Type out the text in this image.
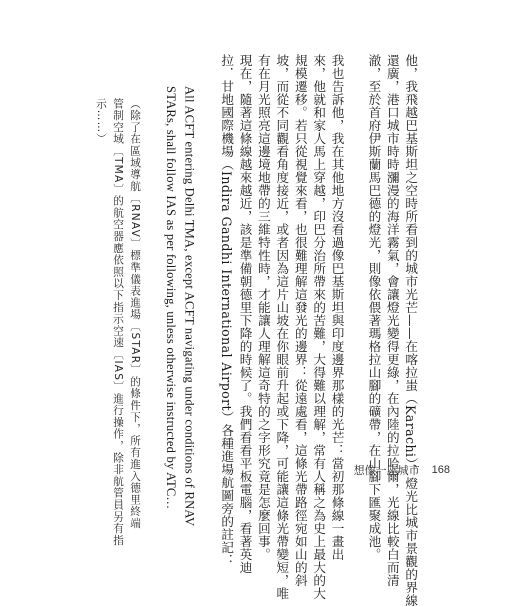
他，我飛越巴基斯坦之空時所看到的城市光芒——在喀拉蚩（Karachi）、燈光比城市景觀的界線
還廣，港口城市時時瀰漫的海洋霧氣，會讓燈光變得更綠，在內陸的拉哈爾，光線比較白而清
澈，至於首府伊斯蘭馬巴德的燈光，則像依偎著瑪格拉山腳的礦帶，在山腳下匯聚成池。

我也告訴他，我在其他地方沒看過像巴基斯坦與印度邊界那樣的光芒：當初那條線一畫出
來，他就和家人馬上穿越，印巴分治所帶來的苦難，大得難以理解，常有人稱之為史上最大的大
規模遷移。若只從視覺來看，也很難理解這發光的邊界：從遠處看，這條光帶路徑宛如山的斜
坡，而從不同觀看角度接近，或者因為這片山坡在你眼前升起或下降，可能讓這條光帶變短，唯
有在月光照亮這邊境地帶的三維特性時，才能讓人理解這奇特的之字形究竟是怎麼回事。
現在，隨著這條線越來越近，該是準備朝德里下降的時候了。我們看看平板電腦，看著英迪
拉．甘地國際機場（Indira Gandhi International Airport）各種進場航圖旁的註記：

All ACFT entering Delhi TMA, except ACFT navigating under conditions of RNAV
STARs, shall follow IAS as per following, unless otherwise instructed by ATC…

（除了在區域導航〔RNAV〕標準儀表進場〔STAR〕的條件下，所有進入德里終端
管制空域〔TMA〕的航空器應依照以下指示空速〔IAS〕進行操作，除非航管員另有指
示……）

想像一座城市 168
